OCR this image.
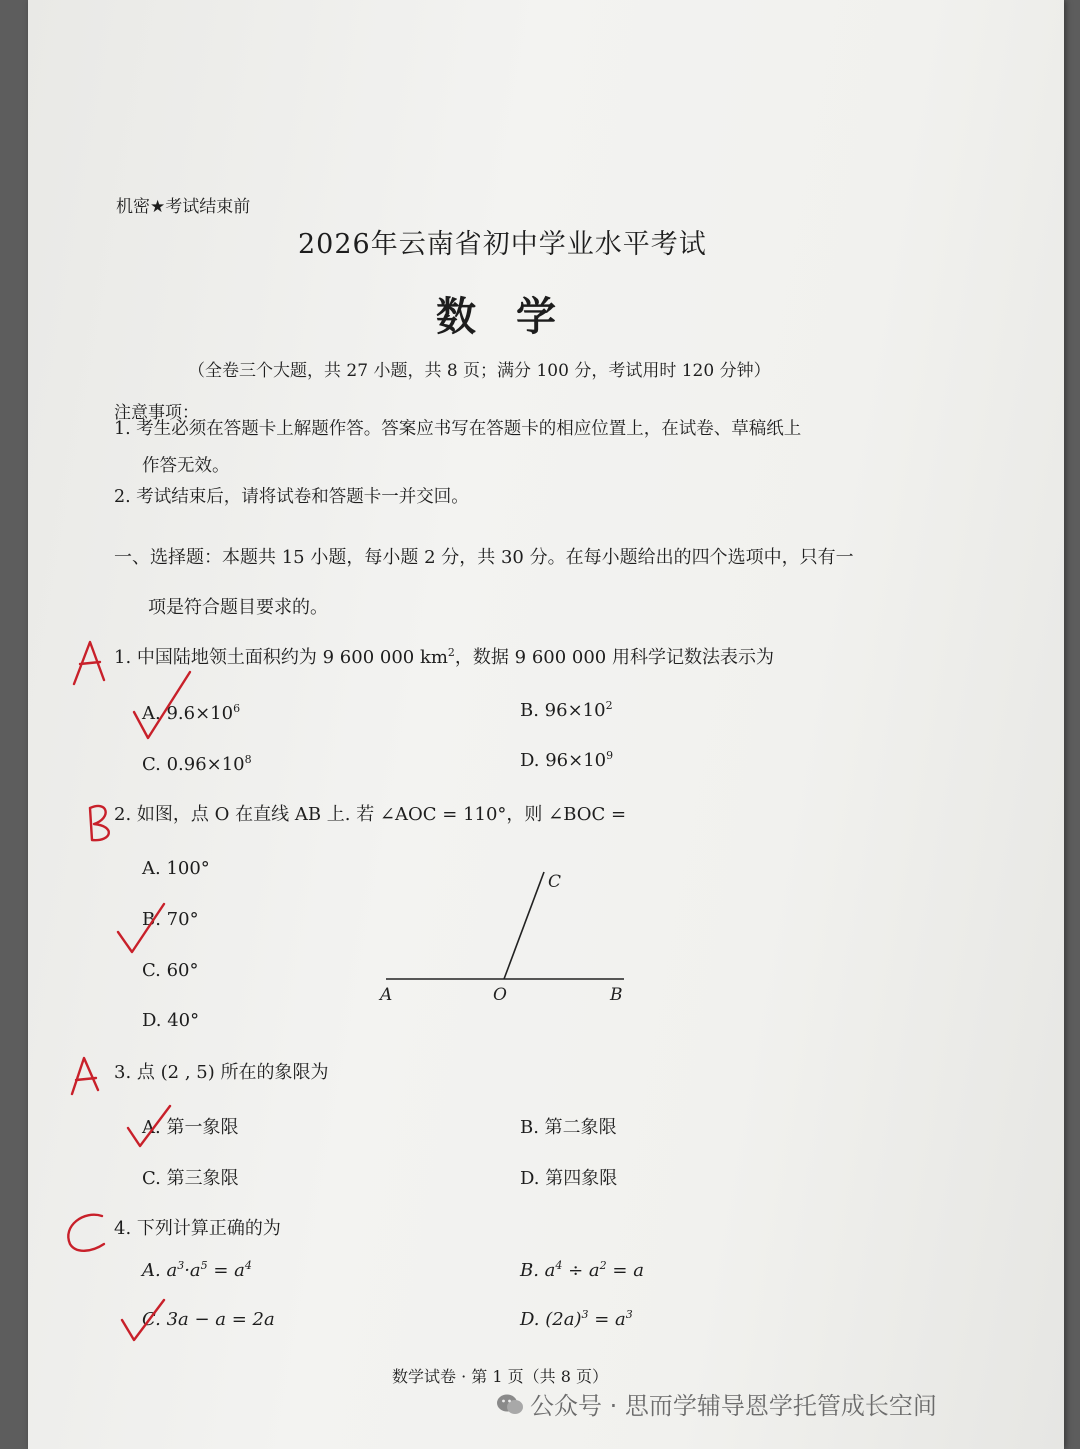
机密★考试结束前
2026年云南省初中学业水平考试
数学
（全卷三个大题，共 27 小题，共 8 页；满分 100 分，考试用时 120 分钟）
注意事项：
1. 考生必须在答题卡上解题作答。答案应书写在答题卡的相应位置上，在试卷、草稿纸上
作答无效。
2. 考试结束后，请将试卷和答题卡一并交回。
一、选择题：本题共 15 小题，每小题 2 分，共 30 分。在每小题给出的四个选项中，只有一
项是符合题目要求的。
1. 中国陆地领土面积约为 9 600 000 $km^2$，数据 9 600 000 用科学记数法表示为
A. $9.6\times 10^6$	B. $96\times 10^2$
C. $0.96\times 10^8$	D. $96\times 10^9$
2. 如图，点 O 在直线 AB 上. 若 ∠AOC = 110°，则 ∠BOC =
A. 100°
B. 70°
C. 60°
D. 40°
A	O	B
C
3. 点 (2 , 5) 所在的象限为
A. 第一象限	B. 第二象限
C. 第三象限	D. 第四象限
4. 下列计算正确的为
A. $a^3\cdot a^5 = a^4$	B. $a^4 \div a^2 = a$
C. 3a − a = 2a	D. $(2a)^3 = a^3$
数学试卷 · 第 1 页（共 8 页）
公众号 · 思而学辅导恩学托管成长空间
